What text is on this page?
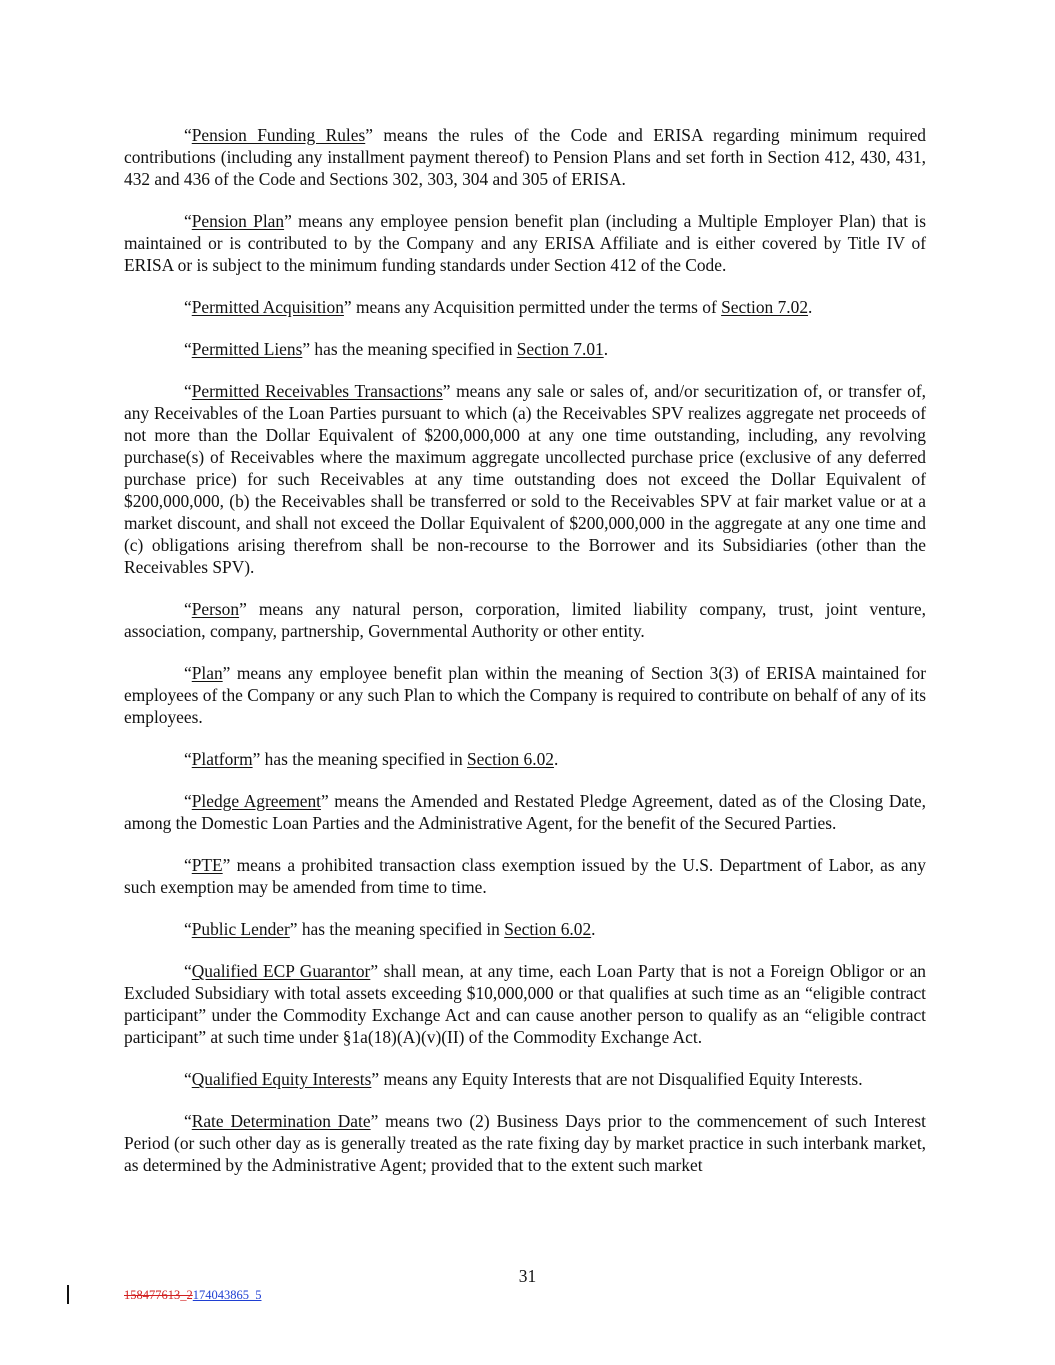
“Pension Funding Rules” means the rules of the Code and ERISA regarding minimum required contributions (including any installment payment thereof) to Pension Plans and set forth in Section 412, 430, 431, 432 and 436 of the Code and Sections 302, 303, 304 and 305 of ERISA.

“Pension Plan” means any employee pension benefit plan (including a Multiple Employer Plan) that is maintained or is contributed to by the Company and any ERISA Affiliate and is either covered by Title IV of ERISA or is subject to the minimum funding standards under Section 412 of the Code.

“Permitted Acquisition” means any Acquisition permitted under the terms of Section 7.02.

“Permitted Liens” has the meaning specified in Section 7.01.

“Permitted Receivables Transactions” means any sale or sales of, and/or securitization of, or transfer of, any Receivables of the Loan Parties pursuant to which (a) the Receivables SPV realizes aggregate net proceeds of not more than the Dollar Equivalent of $200,000,000 at any one time outstanding, including, any revolving purchase(s) of Receivables where the maximum aggregate uncollected purchase price (exclusive of any deferred purchase price) for such Receivables at any time outstanding does not exceed the Dollar Equivalent of $200,000,000, (b) the Receivables shall be transferred or sold to the Receivables SPV at fair market value or at a market discount, and shall not exceed the Dollar Equivalent of $200,000,000 in the aggregate at any one time and (c) obligations arising therefrom shall be non-recourse to the Borrower and its Subsidiaries (other than the Receivables SPV).

“Person” means any natural person, corporation, limited liability company, trust, joint venture, association, company, partnership, Governmental Authority or other entity.

“Plan” means any employee benefit plan within the meaning of Section 3(3) of ERISA maintained for employees of the Company or any such Plan to which the Company is required to contribute on behalf of any of its employees.

“Platform” has the meaning specified in Section 6.02.

“Pledge Agreement” means the Amended and Restated Pledge Agreement, dated as of the Closing Date, among the Domestic Loan Parties and the Administrative Agent, for the benefit of the Secured Parties.

“PTE” means a prohibited transaction class exemption issued by the U.S. Department of Labor, as any such exemption may be amended from time to time.

“Public Lender” has the meaning specified in Section 6.02.

“Qualified ECP Guarantor” shall mean, at any time, each Loan Party that is not a Foreign Obligor or an Excluded Subsidiary with total assets exceeding $10,000,000 or that qualifies at such time as an “eligible contract participant” under the Commodity Exchange Act and can cause another person to qualify as an “eligible contract participant” at such time under §1a(18)(A)(v)(II) of the Commodity Exchange Act.

“Qualified Equity Interests” means any Equity Interests that are not Disqualified Equity Interests.

“Rate Determination Date” means two (2) Business Days prior to the commencement of such Interest Period (or such other day as is generally treated as the rate fixing day by market practice in such interbank market, as determined by the Administrative Agent; provided that to the extent such market

31
158477613_2174043865_5
